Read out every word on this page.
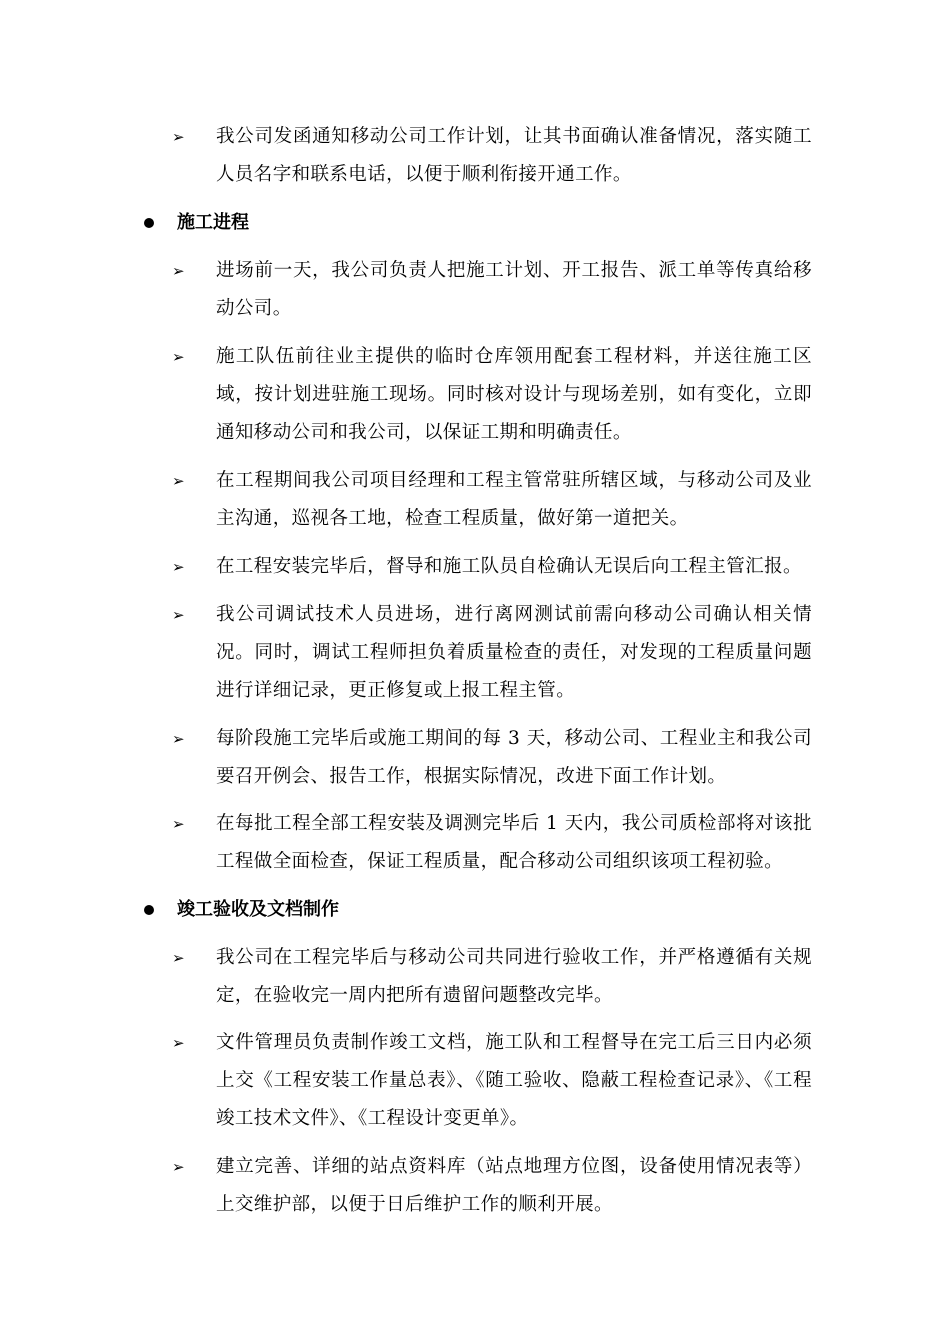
➢ 我公司发函通知移动公司工作计划，让其书面确认准备情况，落实随工人员名字和联系电话，以便于顺利衔接开通工作。
施工进程
➢ 进场前一天，我公司负责人把施工计划、开工报告、派工单等传真给移动公司。
➢ 施工队伍前往业主提供的临时仓库领用配套工程材料，并送往施工区域，按计划进驻施工现场。同时核对设计与现场差别，如有变化，立即通知移动公司和我公司，以保证工期和明确责任。
➢ 在工程期间我公司项目经理和工程主管常驻所辖区域，与移动公司及业主沟通，巡视各工地，检查工程质量，做好第一道把关。
➢ 在工程安装完毕后，督导和施工队员自检确认无误后向工程主管汇报。
➢ 我公司调试技术人员进场，进行离网测试前需向移动公司确认相关情况。同时，调试工程师担负着质量检查的责任，对发现的工程质量问题进行详细记录，更正修复或上报工程主管。
➢ 每阶段施工完毕后或施工期间的每 3 天，移动公司、工程业主和我公司要召开例会、报告工作，根据实际情况，改进下面工作计划。
➢ 在每批工程全部工程安装及调测完毕后 1 天内，我公司质检部将对该批工程做全面检查，保证工程质量，配合移动公司组织该项工程初验。
竣工验收及文档制作
➢ 我公司在工程完毕后与移动公司共同进行验收工作，并严格遵循有关规定，在验收完一周内把所有遗留问题整改完毕。
➢ 文件管理员负责制作竣工文档，施工队和工程督导在完工后三日内必须上交《工程安装工作量总表》、《随工验收、隐蔽工程检查记录》、《工程竣工技术文件》、《工程设计变更单》。
➢ 建立完善、详细的站点资料库（站点地理方位图，设备使用情况表等）上交维护部，以便于日后维护工作的顺利开展。
